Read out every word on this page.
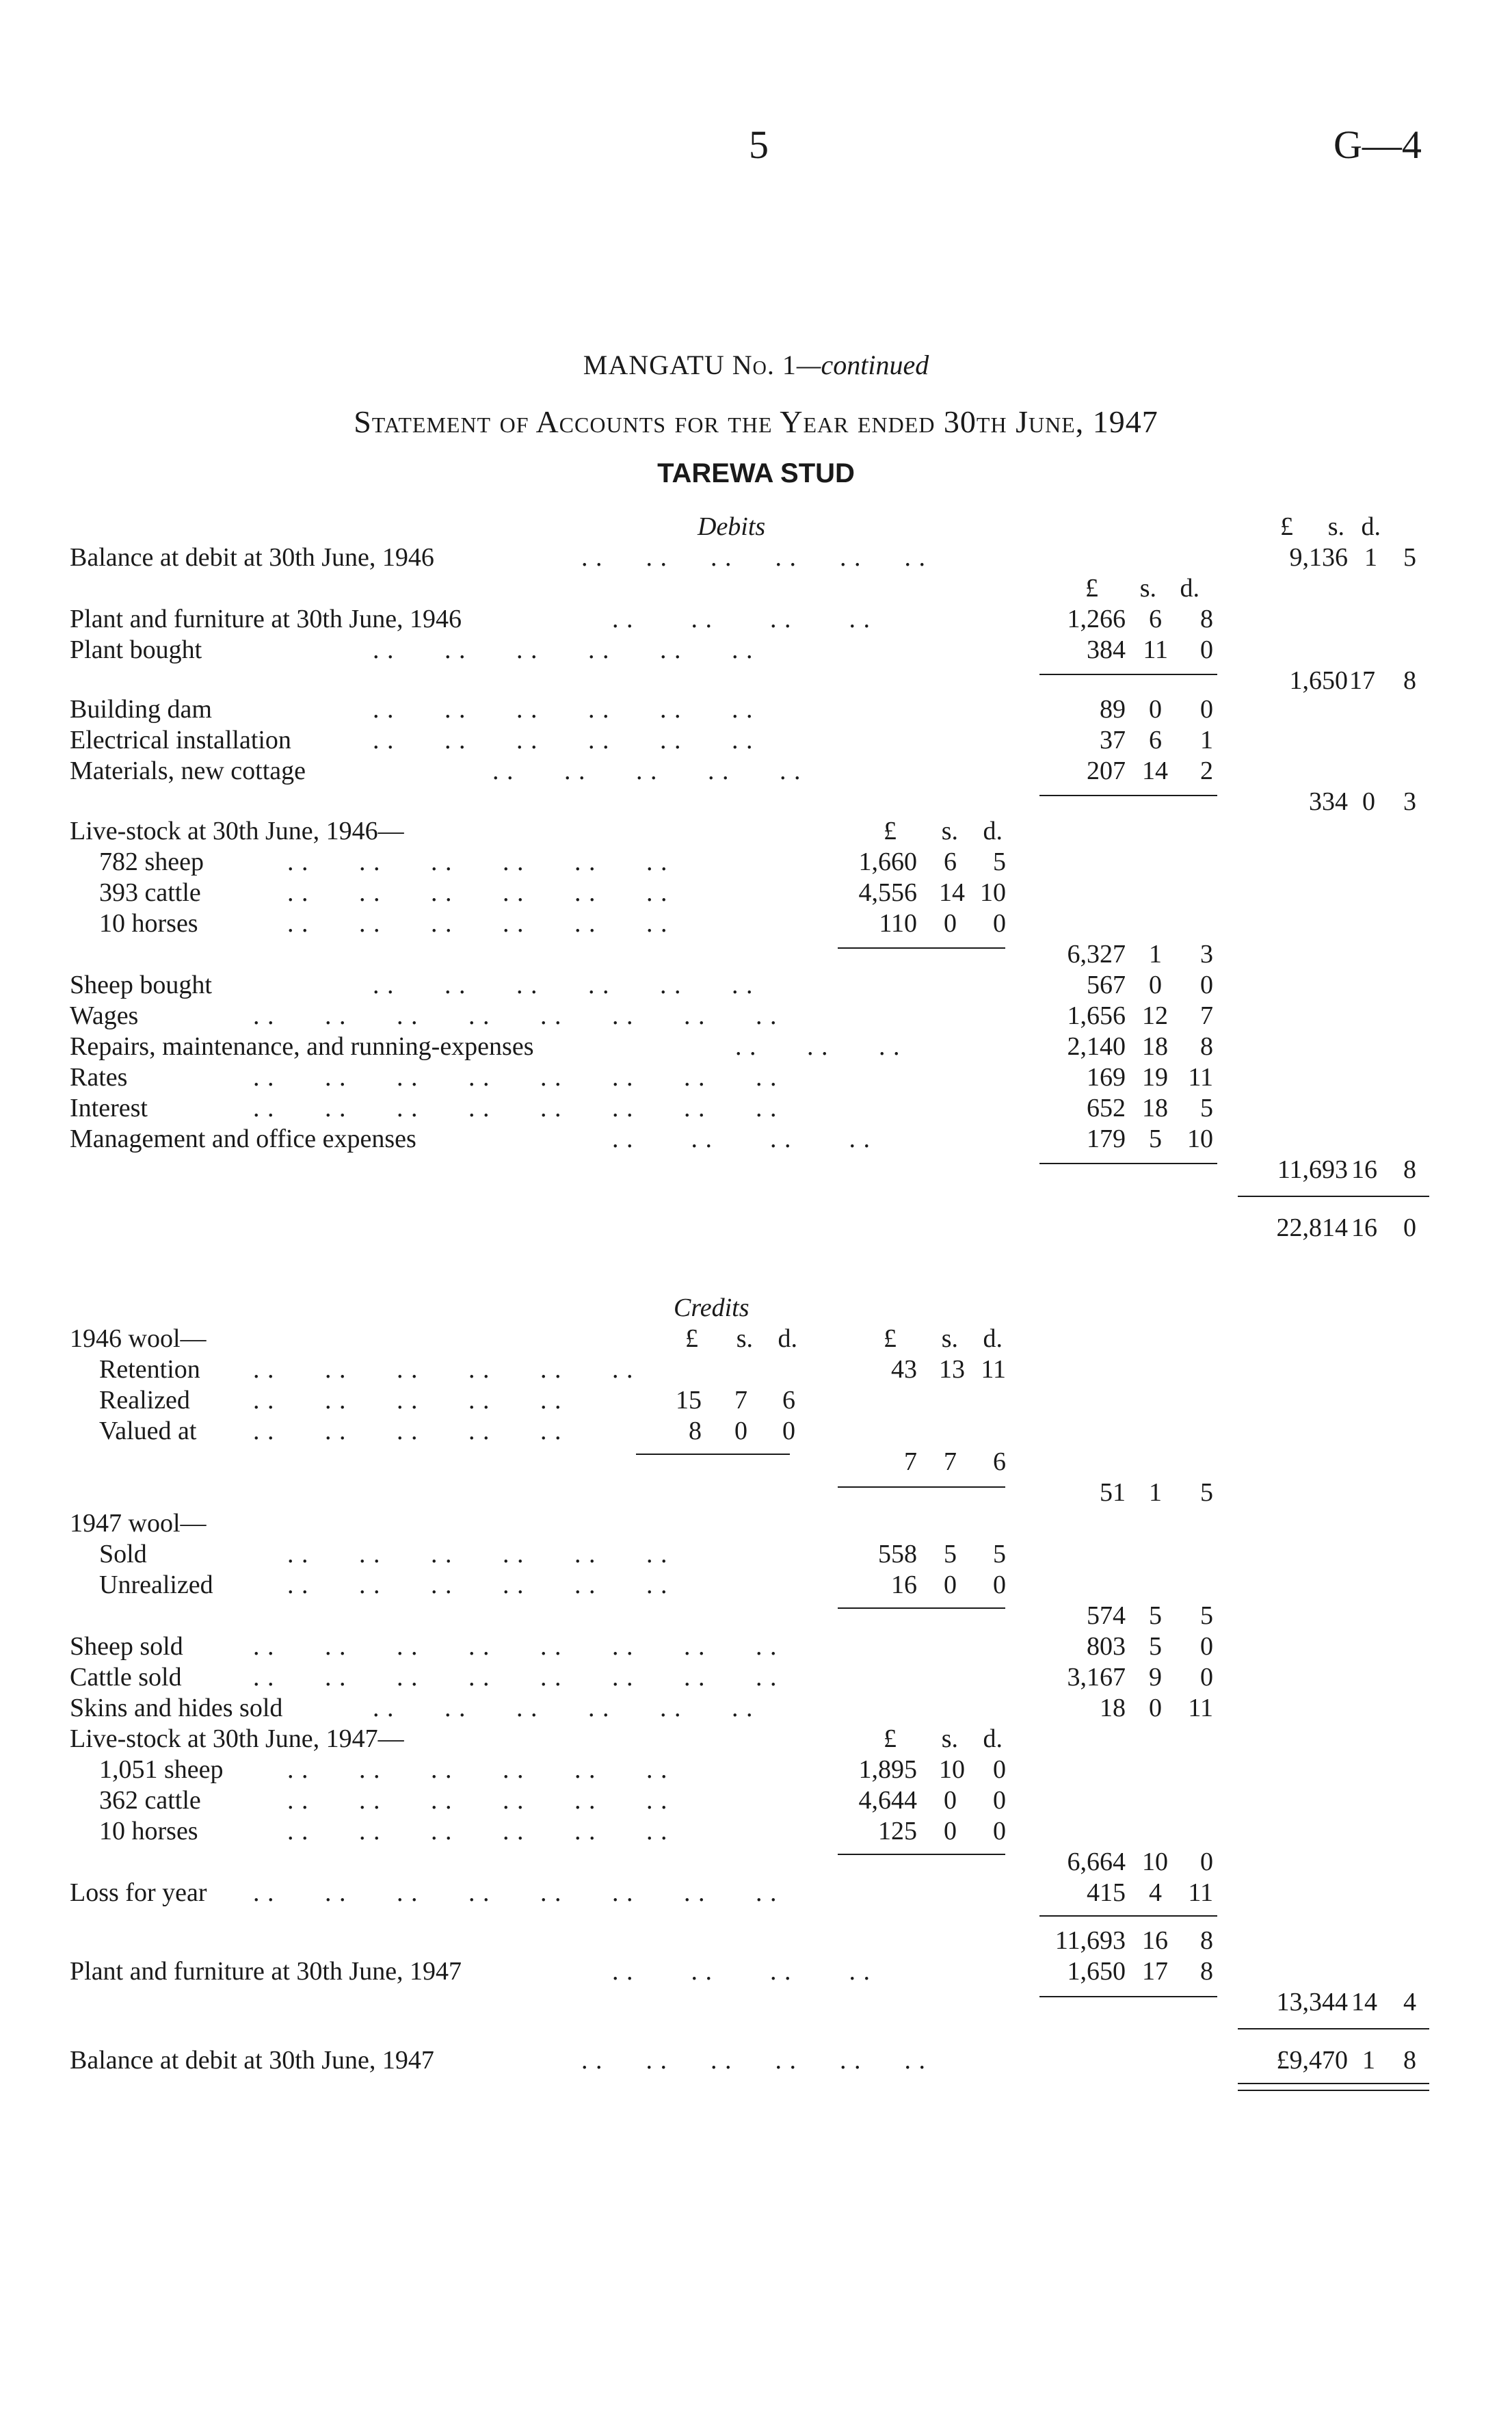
5	G—4
MANGATU No. 1—continued
Statement of Accounts for the Year ended 30th June, 1947
TAREWA STUD
Debits	£ s. d.
Balance at debit at 30th June, 1946	. .      . .      . .      . .      . .      . .	9,136 1 5
£ s. d.
Plant and furniture at 30th June, 1946	. .        . .        . .        . .	1,266 6 8
Plant bought	. .       . .       . .       . .       . .       . .	384 11 0
1,650 17 8
Building dam	. .       . .       . .       . .       . .       . .	89 0 0
Electrical installation	. .       . .       . .       . .       . .       . .	37 6 1
Materials, new cottage	. .       . .       . .       . .       . .	207 14 2
334 0 3
Live-stock at 30th June, 1946—	£ s. d.
782 sheep	. .       . .       . .       . .       . .       . .	1,660 6 5
393 cattle	. .       . .       . .       . .       . .       . .	4,556 14 10
10 horses	. .       . .       . .       . .       . .       . .	110 0 0
6,327 1 3
Sheep bought	. .       . .       . .       . .       . .       . .	567 0 0
Wages	. .       . .       . .       . .       . .       . .       . .       . .	1,656 12 7
Repairs, maintenance, and running-expenses	. .       . .       . .	2,140 18 8
Rates	. .       . .       . .       . .       . .       . .       . .       . .	169 19 11
Interest	. .       . .       . .       . .       . .       . .       . .       . .	652 18 5
Management and office expenses	. .        . .        . .        . .	179 5 10
11,693 16 8
22,814 16 0
Credits
£ s. d.	£ s. d.
1946 wool—
Retention . .       . .       . .       . .       . .       . .	43 13 11
Realized . .       . .       . .       . .       . .	15 7 6
Valued at . .       . .       . .       . .       . .	8 0 0
7 7 6
51 1 5
1947 wool—
Sold	. .       . .       . .       . .       . .       . .	558 5 5
Unrealized	. .       . .       . .       . .       . .       . .	16 0 0
574 5 5
Sheep sold	. .       . .       . .       . .       . .       . .       . .       . .	803 5 0
Cattle sold	. .       . .       . .       . .       . .       . .       . .       . .	3,167 9 0
Skins and hides sold	. .       . .       . .       . .       . .       . .	18 0 11
Live-stock at 30th June, 1947—	£ s. d.
1,051 sheep . .       . .       . .       . .       . .       . .	1,895 10 0
362 cattle	. .       . .       . .       . .       . .       . .	4,644 0 0
10 horses	. .       . .       . .       . .       . .       . .	125 0 0
6,664 10 0
Loss for year . .       . .       . .       . .       . .       . .       . .       . .	415 4 11
11,693 16 8
Plant and furniture at 30th June, 1947	. .        . .        . .        . .	1,650 17 8
13,344 14 4
Balance at debit at 30th June, 1947	. .      . .      . .      . .      . .      . .	£9,470 1 8
